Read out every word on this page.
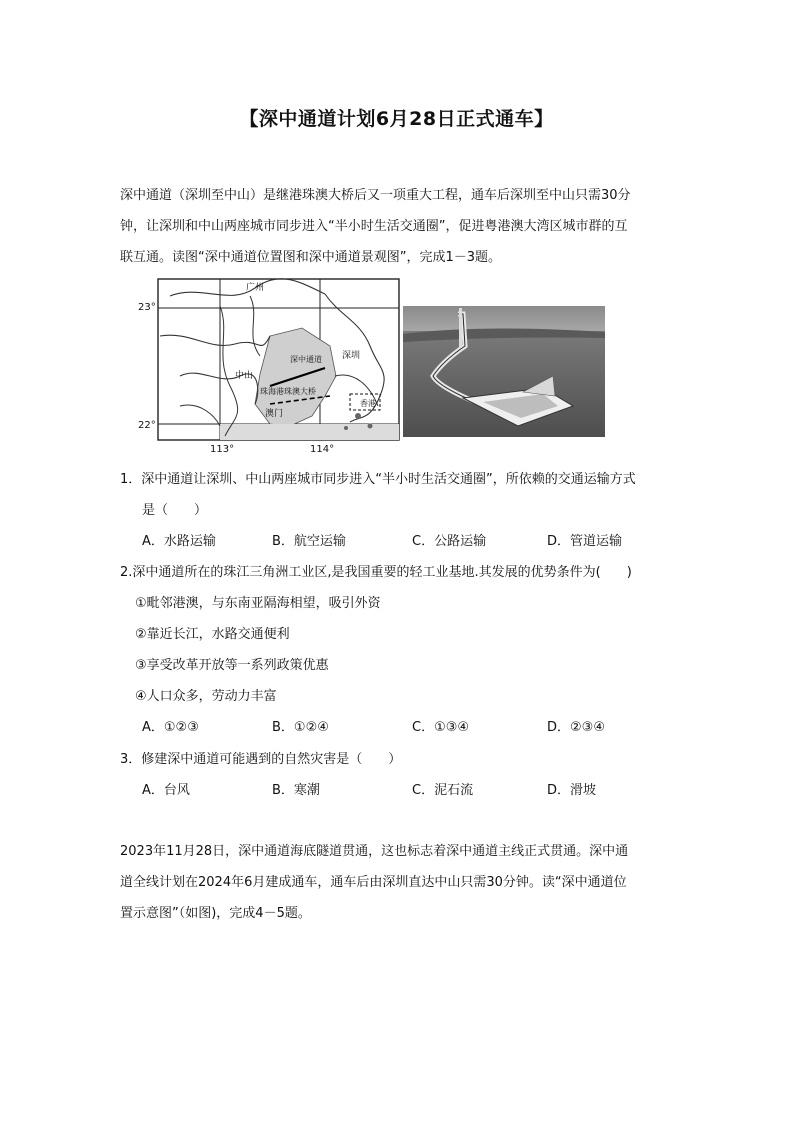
【深中通道计划6月28日正式通车】
深中通道（深圳至中山）是继港珠澳大桥后又一项重大工程，通车后深圳至中山只需30分
钟，让深圳和中山两座城市同步进入“半小时生活交通圈”，促进粤港澳大湾区城市群的互
联互通。读图“深中通道位置图和深中通道景观图”，完成1－3题。
广州
中山
深中通道 深圳
珠海港珠澳大桥
澳门
香港
23°
22°
113°	114°
1．深中通道让深圳、中山两座城市同步进入“半小时生活交通圈”，所依赖的交通运输方式
是（　　）
A．水路运输	B．航空运输	C．公路运输	D．管道运输
2.深中通道所在的珠江三角洲工业区,是我国重要的轻工业基地.其发展的优势条件为(　　)
①毗邻港澳，与东南亚隔海相望，吸引外资
②靠近长江，水路交通便利
③享受改革开放等一系列政策优惠
④人口众多，劳动力丰富
A．①②③	B．①②④	C．①③④	D．②③④
3．修建深中通道可能遇到的自然灾害是（　　）
A．台风	B．寒潮	C．泥石流	D．滑坡
2023年11月28日，深中通道海底隧道贯通，这也标志着深中通道主线正式贯通。深中通
道全线计划在2024年6月建成通车，通车后由深圳直达中山只需30分钟。读“深中通道位
置示意图”（如图)，完成4－5题。
